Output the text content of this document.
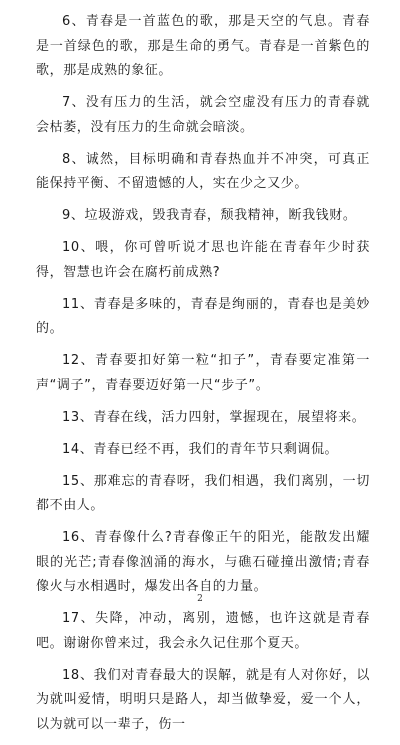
6、青春是一首蓝色的歌，那是天空的气息。青春是一首绿色的歌，那是生命的勇气。青春是一首紫色的歌，那是成熟的象征。

7、没有压力的生活，就会空虚没有压力的青春就会枯萎，没有压力的生命就会暗淡。

8、诚然，目标明确和青春热血并不冲突，可真正能保持平衡、不留遗憾的人，实在少之又少。

9、垃圾游戏，毁我青春，颓我精神，断我钱财。

10、喂，你可曾听说才思也许能在青春年少时获得，智慧也许会在腐朽前成熟?

11、青春是多味的，青春是绚丽的，青春也是美妙的。

12、青春要扣好第一粒“扣子”，青春要定准第一声“调子”，青春要迈好第一尺“步子”。

13、青春在线，活力四射，掌握现在，展望将来。

14、青春已经不再，我们的青年节只剩调侃。

15、那难忘的青春呀，我们相遇，我们离别，一切都不由人。

16、青春像什么?青春像正午的阳光，能散发出耀眼的光芒;青春像汹涌的海水，与礁石碰撞出激情;青春像火与水相遇时，爆发出各自的力量。

17、失降，冲动，离别，遗憾，也许这就是青春吧。谢谢你曾来过，我会永久记住那个夏天。

18、我们对青春最大的误解，就是有人对你好，以为就叫爱情，明明只是路人，却当做挚爱，爱一个人，以为就可以一辈子，伤一

2
